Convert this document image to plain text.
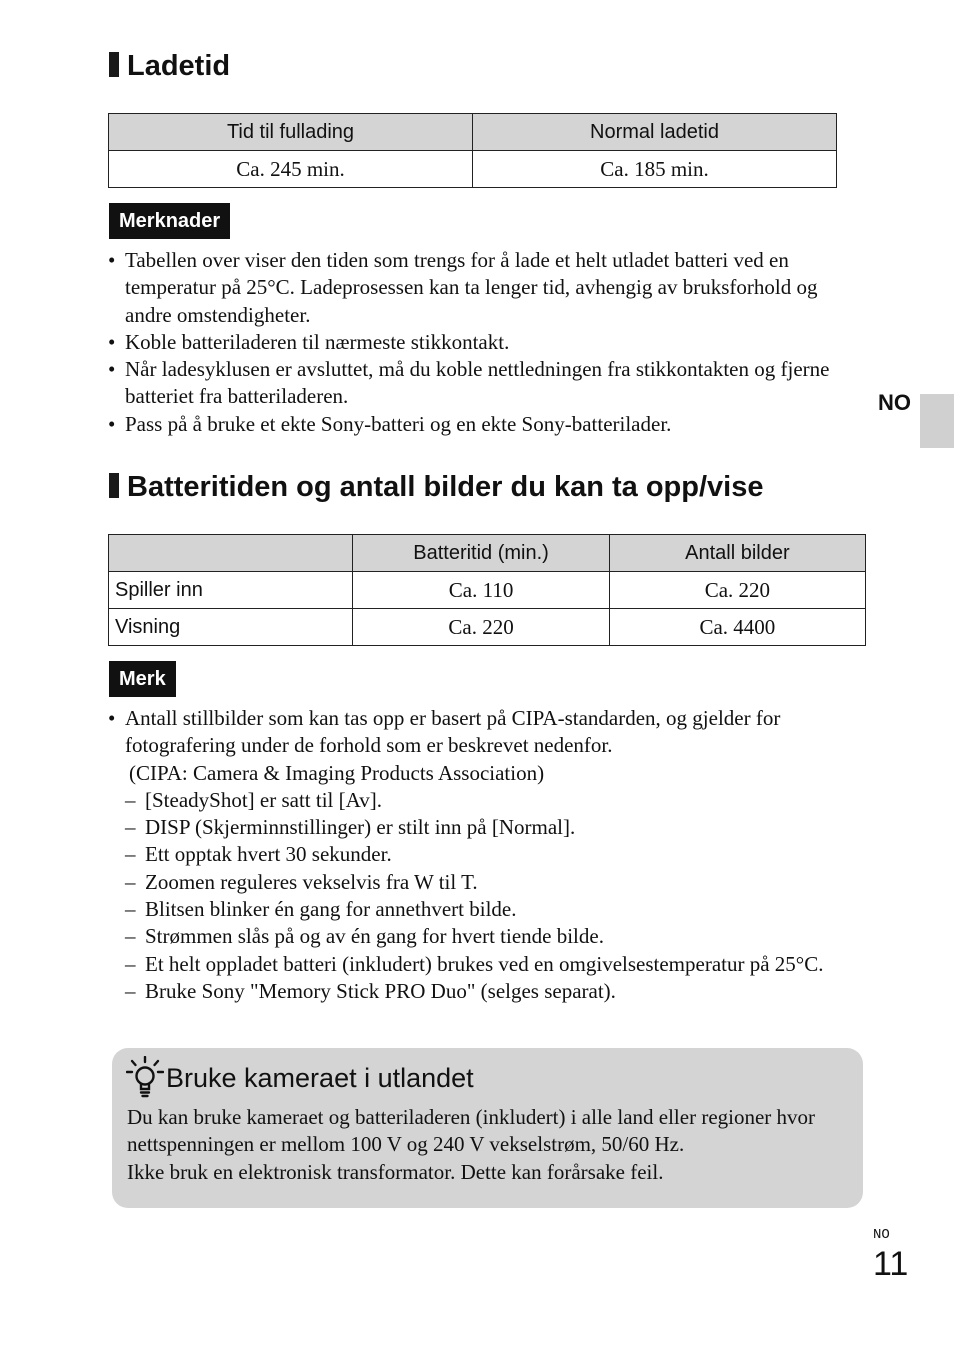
Ladetid
Tid til fullading	Normal ladetid
Ca. 245 min.	Ca. 185 min.
Merknader
• Tabellen over viser den tiden som trengs for å lade et helt utladet batteri ved en temperatur på 25°C. Ladeprosessen kan ta lenger tid, avhengig av bruksforhold og andre omstendigheter.
• Koble batteriladeren til nærmeste stikkontakt.
• Når ladesyklusen er avsluttet, må du koble nettledningen fra stikkontakten og fjerne batteriet fra batteriladeren.
• Pass på å bruke et ekte Sony-batteri og en ekte Sony-batterilader.
NO
Batteritiden og antall bilder du kan ta opp/vise
	Batteritid (min.)	Antall bilder
Spiller inn	Ca. 110	Ca. 220
Visning	Ca. 220	Ca. 4400
Merk
• Antall stillbilder som kan tas opp er basert på CIPA-standarden, og gjelder for fotografering under de forhold som er beskrevet nedenfor.
(CIPA: Camera & Imaging Products Association)
– [SteadyShot] er satt til [Av].
– DISP (Skjerminnstillinger) er stilt inn på [Normal].
– Ett opptak hvert 30 sekunder.
– Zoomen reguleres vekselvis fra W til T.
– Blitsen blinker én gang for annethvert bilde.
– Strømmen slås på og av én gang for hvert tiende bilde.
– Et helt oppladet batteri (inkludert) brukes ved en omgivelsestemperatur på 25°C.
– Bruke Sony "Memory Stick PRO Duo" (selges separat).
Bruke kameraet i utlandet
Du kan bruke kameraet og batteriladeren (inkludert) i alle land eller regioner hvor nettspenningen er mellom 100 V og 240 V vekselstrøm, 50/60 Hz.
Ikke bruk en elektronisk transformator. Dette kan forårsake feil.
NO
11
